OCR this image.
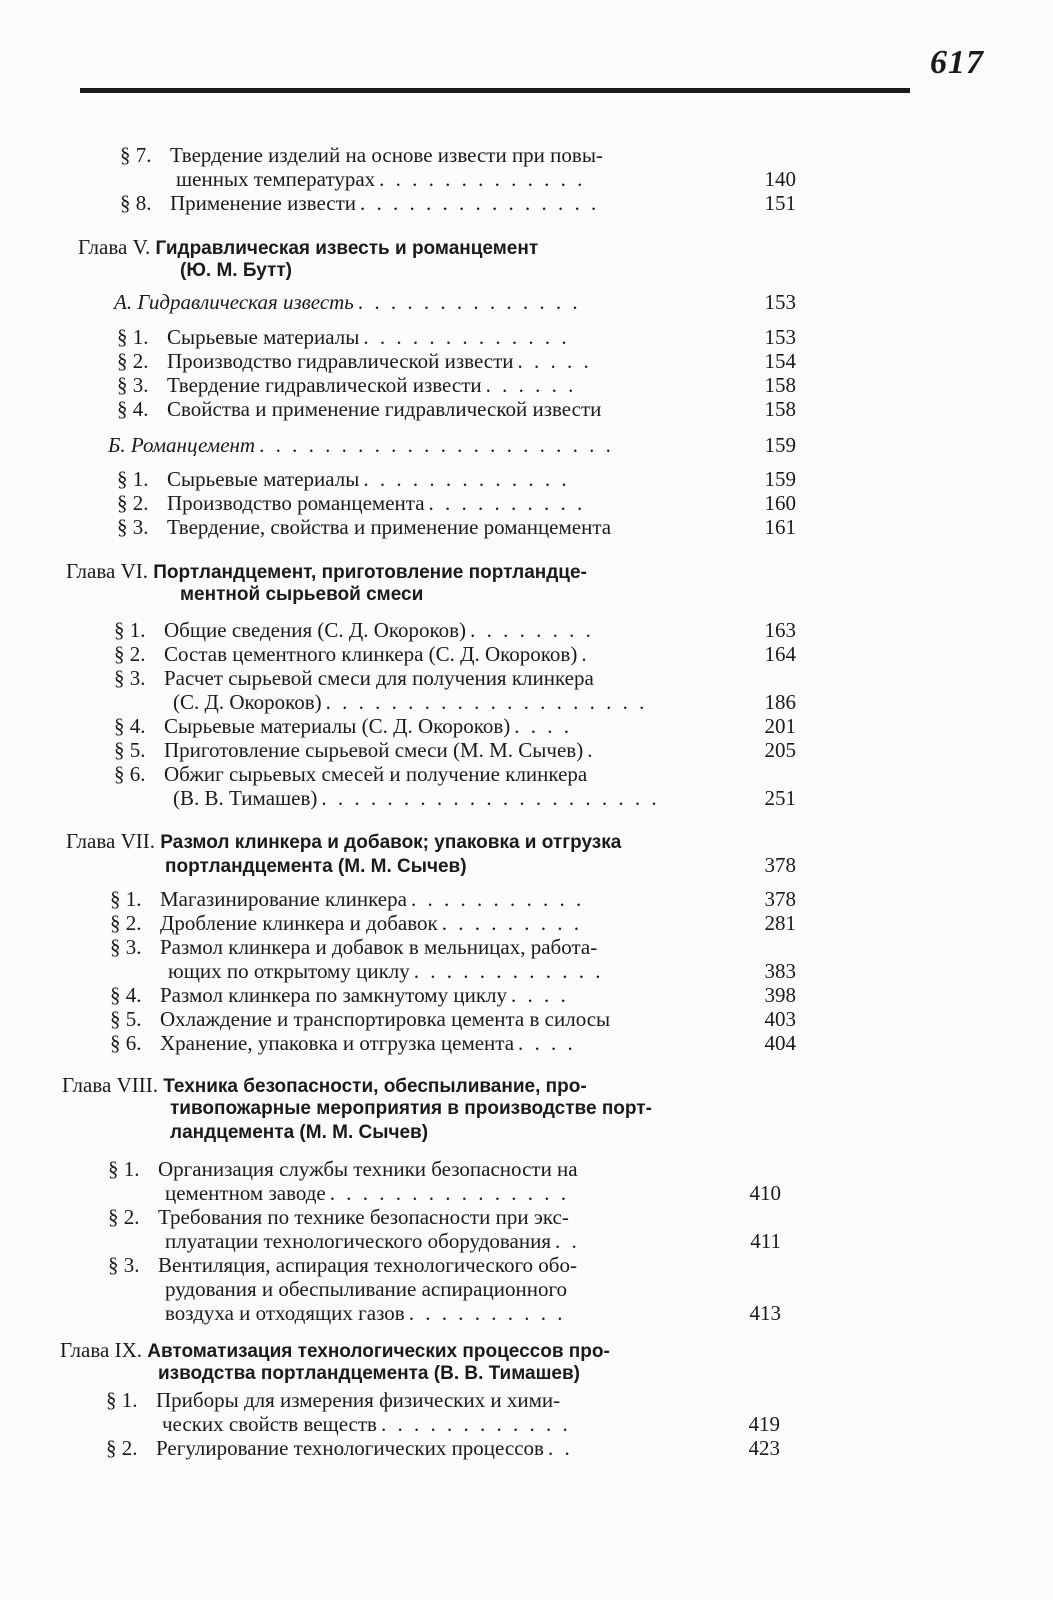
617
§ 7. Твердение изделий на основе извести при повы-
шенных температурах . . . . . . . . . . . . .	140
§ 8. Применение извести . . . . . . . . . . . . . . .	151
Глава V. Гидравлическая известь и романцемент
(Ю. М. Бутт)
А. Гидравлическая известь . . . . . . . . . . . . . .	153
§ 1. Сырьевые материалы . . . . . . . . . . . . .	153
§ 2. Производство гидравлической извести . . . . .	154
§ 3. Твердение гидравлической извести . . . . . .	158
§ 4. Свойства и применение гидравлической извести	158
Б. Романцемент . . . . . . . . . . . . . . . . . . . . . .	159
§ 1. Сырьевые материалы . . . . . . . . . . . . .	159
§ 2. Производство романцемента . . . . . . . . . .	160
§ 3. Твердение, свойства и применение романцемента	161
Глава VI. Портландцемент, приготовление портландце-
ментной сырьевой смеси
§ 1. Общие сведения (С. Д. Окороков) . . . . . . . .	163
§ 2. Состав цементного клинкера (С. Д. Окороков) .	164
§ 3. Расчет сырьевой смеси для получения клинкера
(С. Д. Окороков) . . . . . . . . . . . . . . . . . . . .	186
§ 4. Сырьевые материалы (С. Д. Окороков) . . . .	201
§ 5. Приготовление сырьевой смеси (М. М. Сычев) .	205
§ 6. Обжиг сырьевых смесей и получение клинкера
(В. В. Тимашев) . . . . . . . . . . . . . . . . . . . . .	251
Глава VII. Размол клинкера и добавок; упаковка и отгрузка
портландцемента (М. М. Сычев)	378
§ 1. Магазинирование клинкера . . . . . . . . . . .	378
§ 2. Дробление клинкера и добавок . . . . . . . . .	281
§ 3. Размол клинкера и добавок в мельницах, работа-
ющих по открытому циклу . . . . . . . . . . . .	383
§ 4. Размол клинкера по замкнутому циклу . . . .	398
§ 5. Охлаждение и транспортировка цемента в силосы	403
§ 6. Хранение, упаковка и отгрузка цемента . . . .	404
Глава VIII. Техника безопасности, обеспыливание, про-
тивопожарные мероприятия в производстве порт-
ландцемента (М. М. Сычев)
§ 1. Организация службы техники безопасности на
цементном заводе . . . . . . . . . . . . . . .	410
§ 2. Требования по технике безопасности при экс-
плуатации технологического оборудования . .	411
§ 3. Вентиляция, аспирация технологического обо-
рудования и обеспыливание аспирационного
воздуха и отходящих газов . . . . . . . . . .	413
Глава IX. Автоматизация технологических процессов про-
изводства портландцемента (В. В. Тимашев)
§ 1. Приборы для измерения физических и хими-
ческих свойств веществ . . . . . . . . . . . .	419
§ 2. Регулирование технологических процессов . .	423
